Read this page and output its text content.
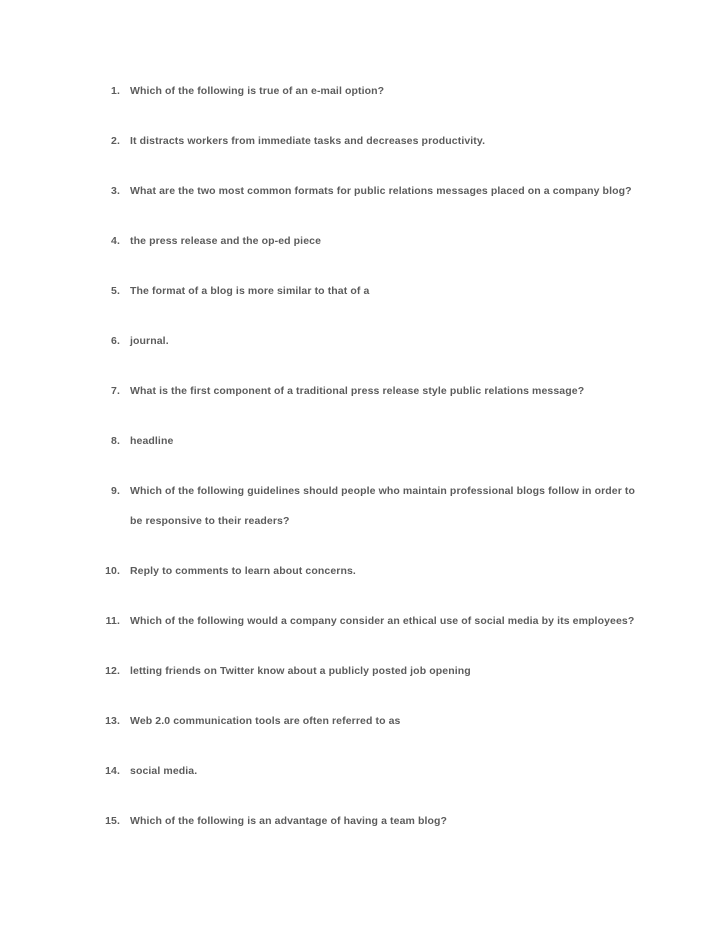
1. Which of the following is true of an e-mail option?
2. It distracts workers from immediate tasks and decreases productivity.
3. What are the two most common formats for public relations messages placed on a company blog?
4. the press release and the op-ed piece
5. The format of a blog is more similar to that of a
6. journal.
7. What is the first component of a traditional press release style public relations message?
8. headline
9. Which of the following guidelines should people who maintain professional blogs follow in order to be responsive to their readers?
10. Reply to comments to learn about concerns.
11. Which of the following would a company consider an ethical use of social media by its employees?
12. letting friends on Twitter know about a publicly posted job opening
13. Web 2.0 communication tools are often referred to as
14. social media.
15. Which of the following is an advantage of having a team blog?
